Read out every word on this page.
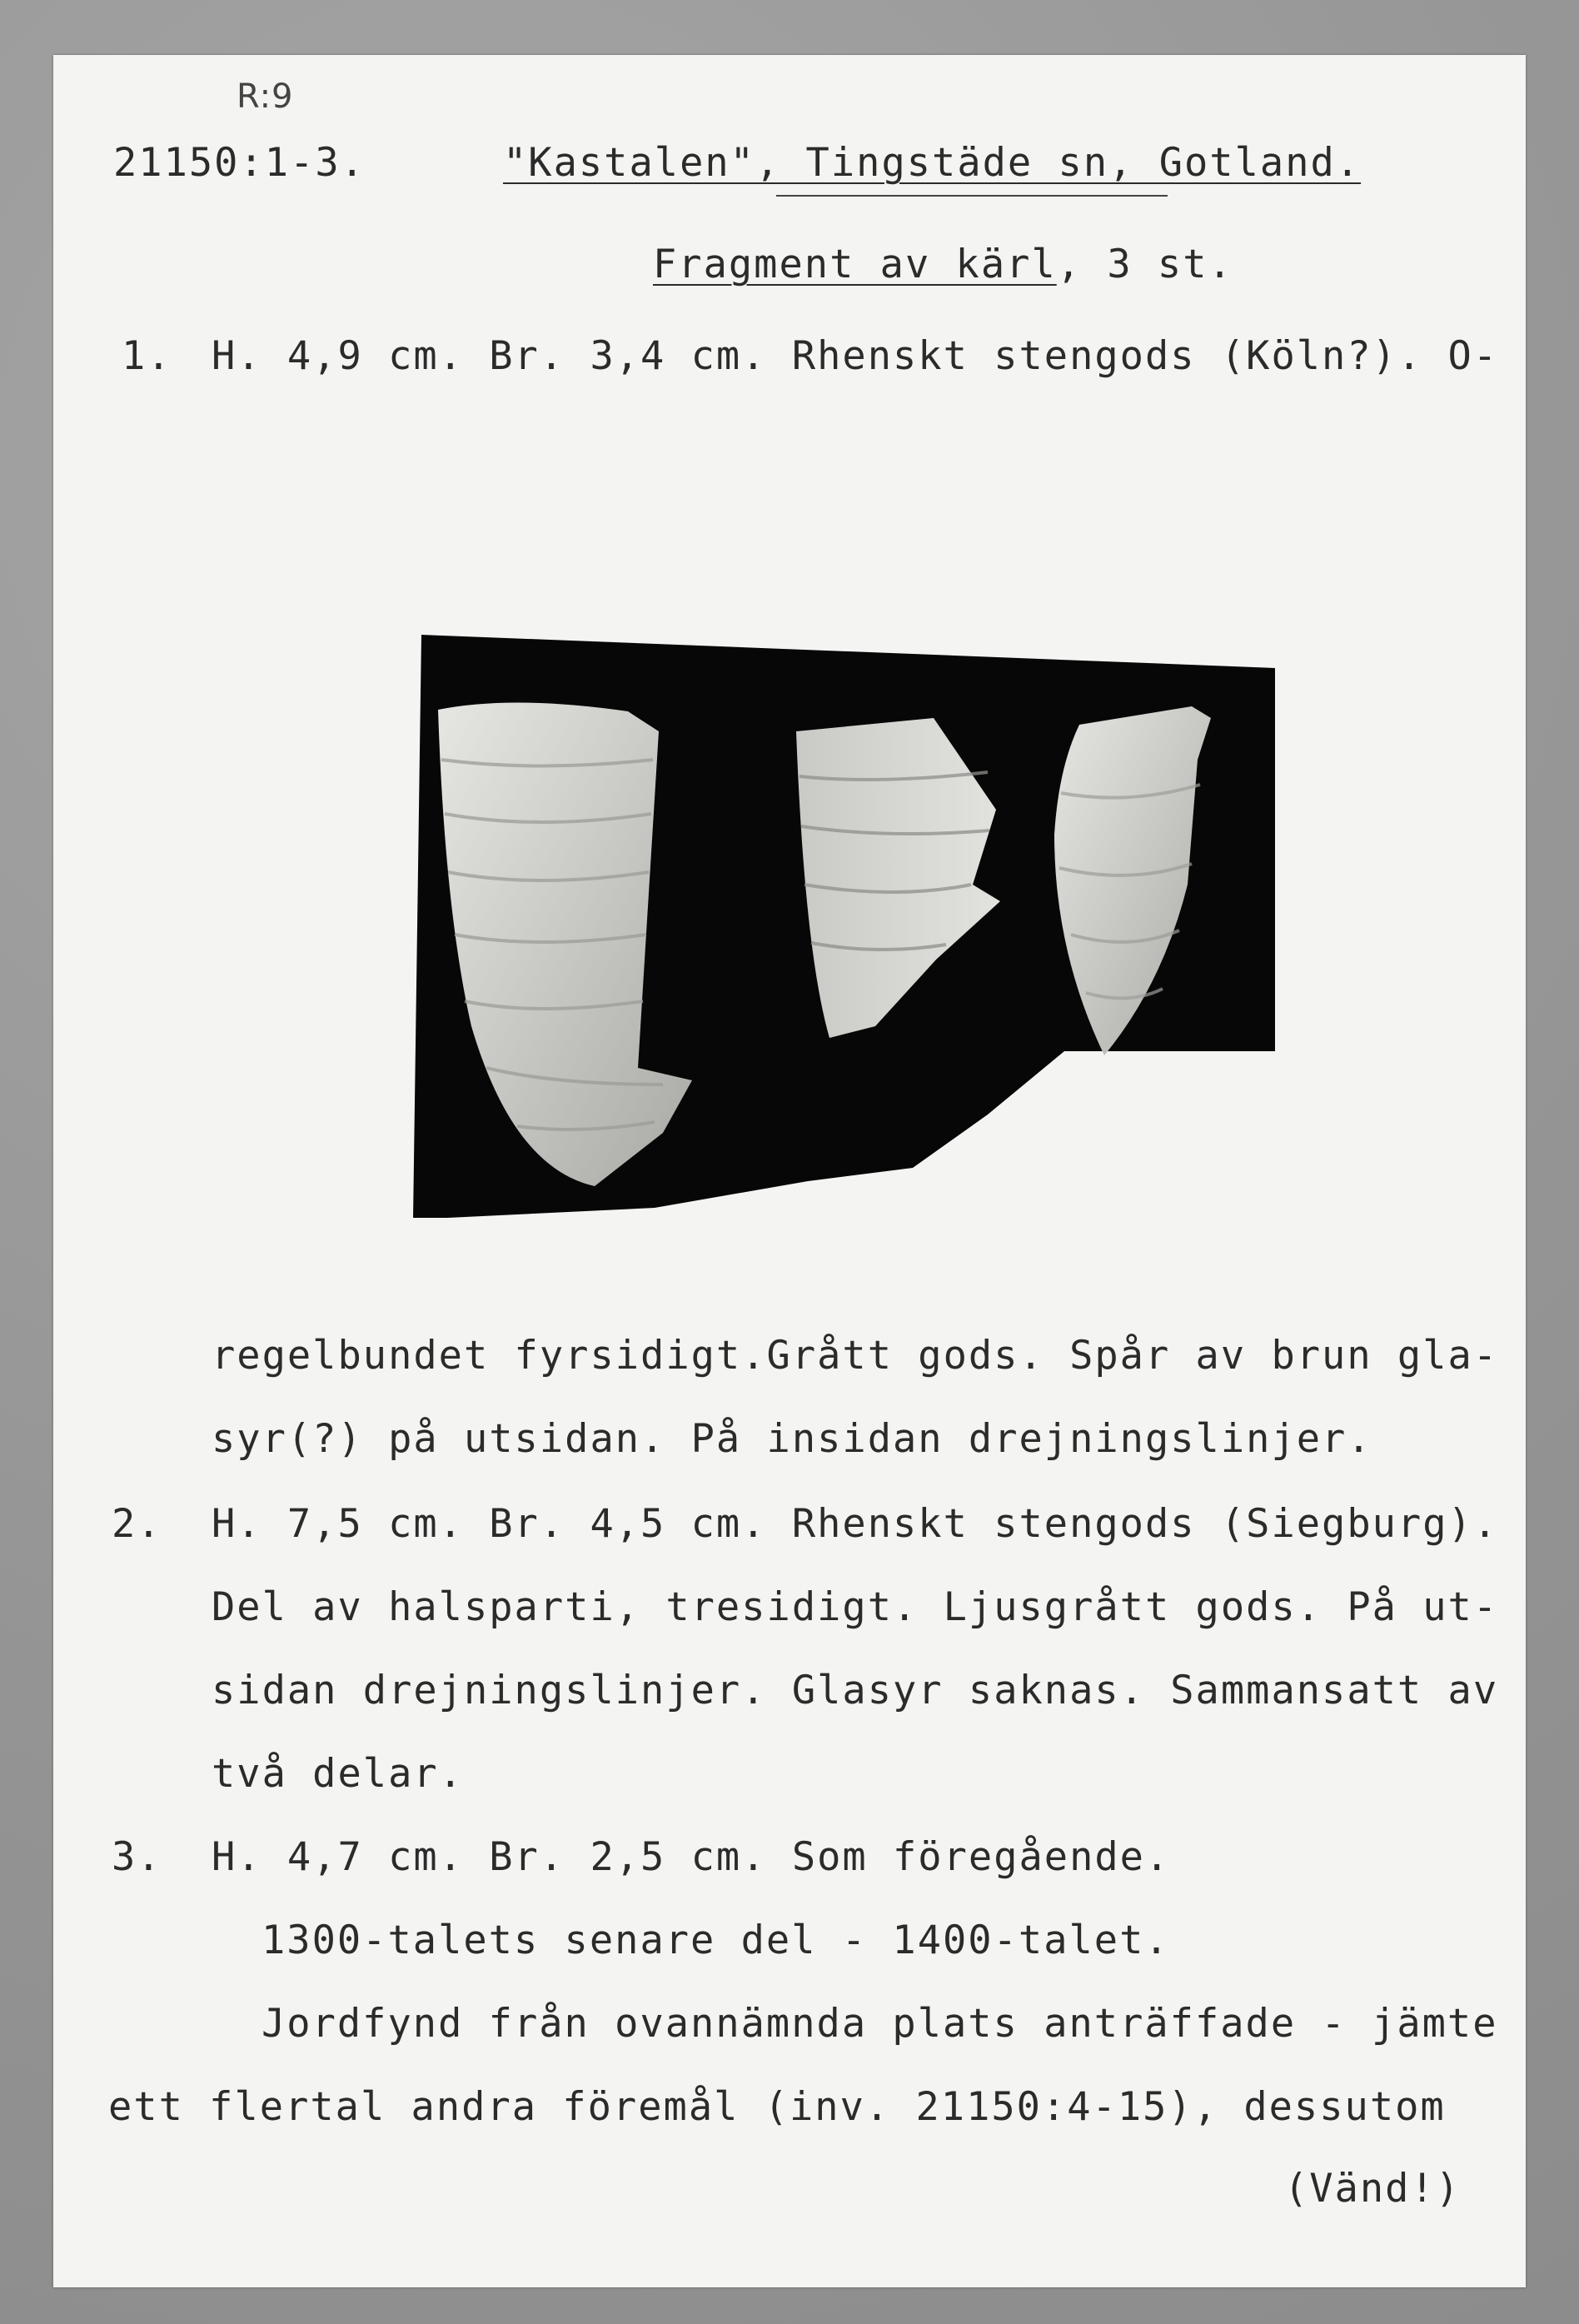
R:9
21150:1-3.	"Kastalen", Tingstäde sn, Gotland.
Fragment av kärl, 3 st.
1. H. 4,9 cm. Br. 3,4 cm. Rhenskt stengods (Köln?). O-
regelbundet fyrsidigt.Grått gods. Spår av brun gla-
syr(?) på utsidan. På insidan drejningslinjer.
2. H. 7,5 cm. Br. 4,5 cm. Rhenskt stengods (Siegburg).
Del av halsparti, tresidigt. Ljusgrått gods. På ut-
sidan drejningslinjer. Glasyr saknas. Sammansatt av
två delar.
3. H. 4,7 cm. Br. 2,5 cm. Som föregående.
1300-talets senare del - 1400-talet.
Jordfynd från ovannämnda plats anträffade - jämte
ett flertal andra föremål (inv. 21150:4-15), dessutom
(Vänd!)
